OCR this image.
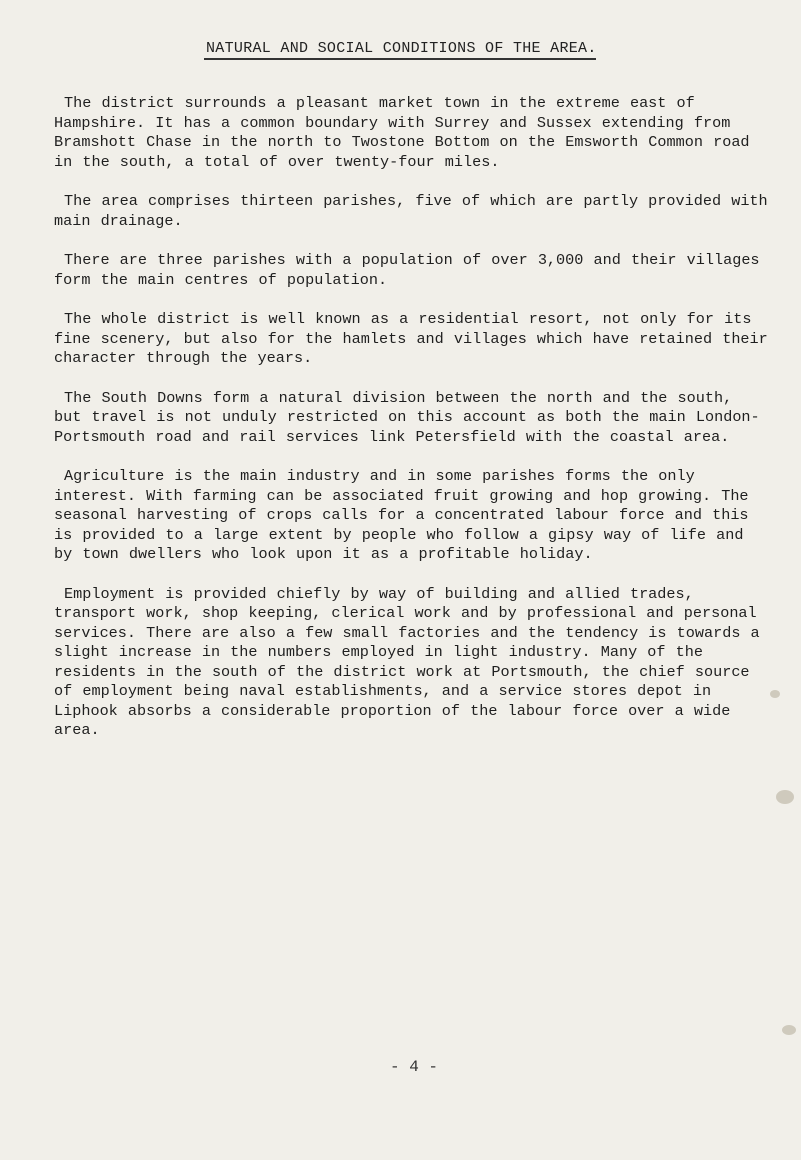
NATURAL AND SOCIAL CONDITIONS OF THE AREA.

The district surrounds a pleasant market town in the extreme east of Hampshire. It has a common boundary with Surrey and Sussex extending from Bramshott Chase in the north to Twostone Bottom on the Emsworth Common road in the south, a total of over twenty-four miles.

The area comprises thirteen parishes, five of which are partly provided with main drainage.

There are three parishes with a population of over 3,000 and their villages form the main centres of population.

The whole district is well known as a residential resort, not only for its fine scenery, but also for the hamlets and villages which have retained their character through the years.

The South Downs form a natural division between the north and the south, but travel is not unduly restricted on this account as both the main London-Portsmouth road and rail services link Petersfield with the coastal area.

Agriculture is the main industry and in some parishes forms the only interest. With farming can be associated fruit growing and hop growing. The seasonal harvesting of crops calls for a concentrated labour force and this is provided to a large extent by people who follow a gipsy way of life and by town dwellers who look upon it as a profitable holiday.

Employment is provided chiefly by way of building and allied trades, transport work, shop keeping, clerical work and by professional and personal services. There are also a few small factories and the tendency is towards a slight increase in the numbers employed in light industry. Many of the residents in the south of the district work at Portsmouth, the chief source of employment being naval establishments, and a service stores depot in Liphook absorbs a considerable proportion of the labour force over a wide area.

- 4 -
